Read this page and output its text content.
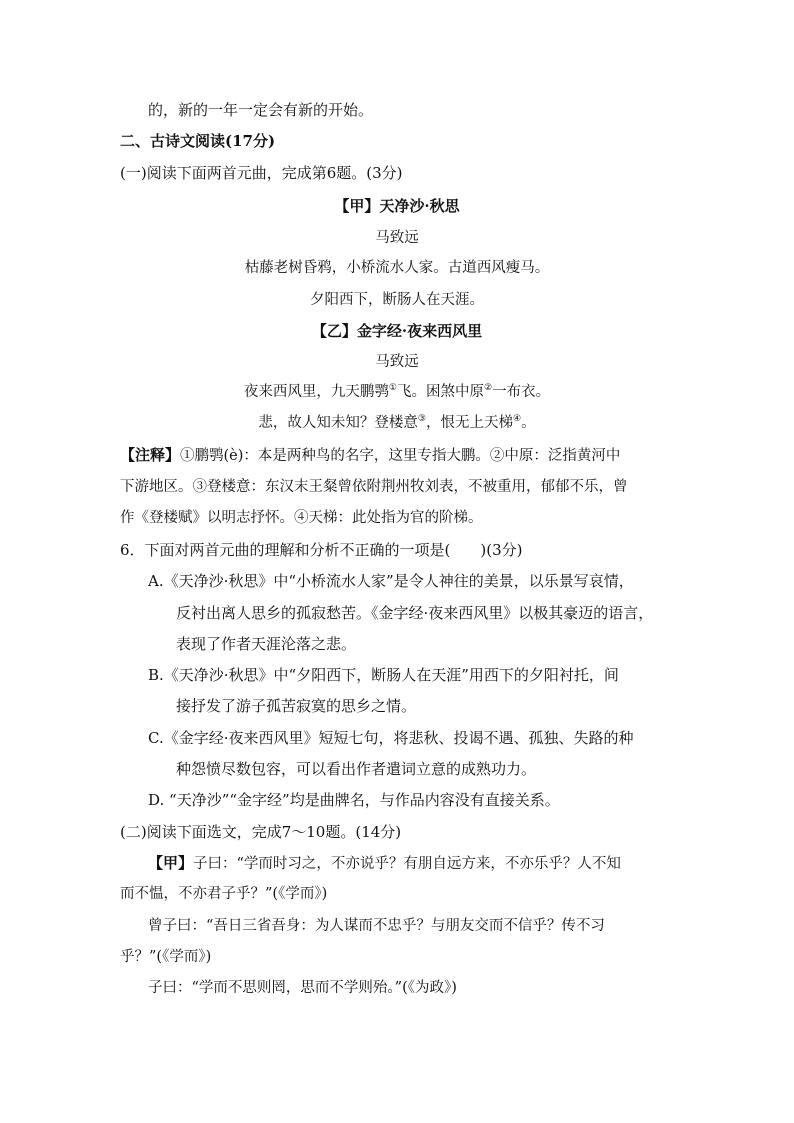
的，新的一年一定会有新的开始。
二、古诗文阅读(17分)
(一)阅读下面两首元曲，完成第6题。(3分)
【甲】天净沙·秋思
马致远
枯藤老树昏鸦，小桥流水人家。古道西风瘦马。
夕阳西下，断肠人在天涯。
【乙】金字经·夜来西风里
马致远
夜来西风里，九天鹏鹗①飞。困煞中原②一布衣。
悲，故人知未知？登楼意③，恨无上天梯④。
【注释】①鹏鹗(è)：本是两种鸟的名字，这里专指大鹏。②中原：泛指黄河中
下游地区。③登楼意：东汉末王粲曾依附荆州牧刘表，不被重用，郁郁不乐，曾
作《登楼赋》以明志抒怀。④天梯：此处指为官的阶梯。
6．下面对两首元曲的理解和分析不正确的一项是(　　)(3分)
A.《天净沙·秋思》中“小桥流水人家”是令人神往的美景，以乐景写哀情，
反衬出离人思乡的孤寂愁苦。《金字经·夜来西风里》以极其豪迈的语言，
表现了作者天涯沦落之悲。
B.《天净沙·秋思》中“夕阳西下，断肠人在天涯”用西下的夕阳衬托，间
接抒发了游子孤苦寂寞的思乡之情。
C.《金字经·夜来西风里》短短七句，将悲秋、投谒不遇、孤独、失路的种
种怨愤尽数包容，可以看出作者遣词立意的成熟功力。
D. “天净沙”“金字经”均是曲牌名，与作品内容没有直接关系。
(二)阅读下面选文，完成7～10题。(14分)
【甲】子曰：“学而时习之，不亦说乎？有朋自远方来，不亦乐乎？人不知
而不愠，不亦君子乎？”(《学而》)
曾子曰：“吾日三省吾身：为人谋而不忠乎？与朋友交而不信乎？传不习
乎？”(《学而》)
子曰：“学而不思则罔，思而不学则殆。”(《为政》)
